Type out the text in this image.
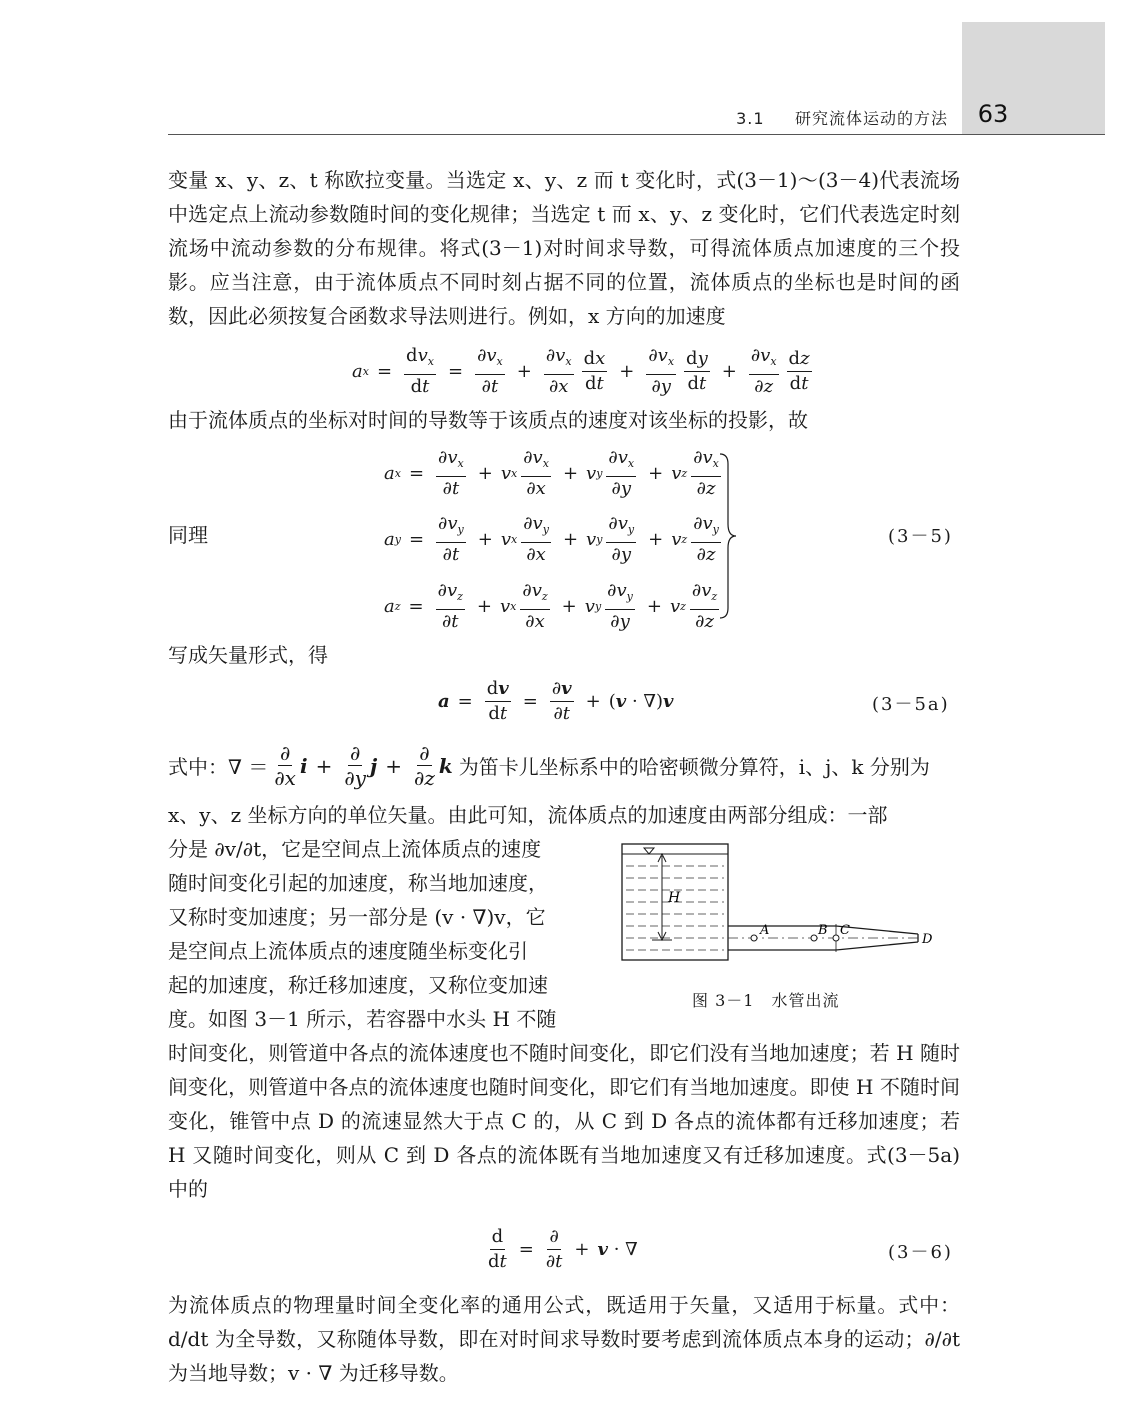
63
3.1 研究流体运动的方法

变量 x、y、z、t 称欧拉变量。当选定 x、y、z 而 t 变化时，式(3－1)～(3－4)代表流场中选定点上流动参数随时间的变化规律；当选定 t 而 x、y、z 变化时，它们代表选定时刻流场中流动参数的分布规律。将式(3－1)对时间求导数，可得流体质点加速度的三个投影。应当注意，由于流体质点不同时刻占据不同的位置，流体质点的坐标也是时间的函数，因此必须按复合函数求导法则进行。例如，x 方向的加速度

a $x = \frac{dv_x}{dt} = \frac{\partial v_x}{\partial t} + \frac{\partial v_x}{\partial x} \frac{dx}{dt} + \frac{\partial v_x}{\partial y} \frac{dy}{dt} + \frac{\partial v_x}{\partial z} \frac{dz}{dt}$

由于流体质点的坐标对时间的导数等于该质点的速度对该坐标的投影，故

a $x = \frac{\partial v_x}{\partial t} + v$ x $\frac{\partial v_x}{\partial x} + v$ y $\frac{\partial v_x}{\partial y} + v$ z $\frac{\partial v_x}{\partial z}$
a $y = \frac{\partial v_y}{\partial t} + v$ x $\frac{\partial v_y}{\partial x} + v$ y $\frac{\partial v_y}{\partial y} + v$ z $\frac{\partial v_y}{\partial z}$
a $z = \frac{\partial v_z}{\partial t} + v$ x $\frac{\partial v_z}{\partial x} + v$ y $\frac{\partial v_y}{\partial y} + v$ z $\frac{\partial v_z}{\partial z}$
同理	(3－5)

写成矢量形式，得

$a = \frac{dv}{dt} = \frac{\partial v}{\partial t} + (v \cdot \nabla)v$	(3－5a)
式中：∇ ＝ $\frac{\partial}{\partial x}$ $i + \frac{\partial}{\partial y}$ $j + \frac{\partial}{\partial z}$ k 为笛卡儿坐标系中的哈密顿微分算符，i、j、k 分别为

x、y、z 坐标方向的单位矢量。由此可知，流体质点的加速度由两部分组成：一部

分是 ∂v/∂t，它是空间点上流体质点的速度
随时间变化引起的加速度，称当地加速度，
又称时变加速度；另一部分是 (v · ∇)v，它
是空间点上流体质点的速度随坐标变化引
起的加速度，称迁移加速度，又称位变加速
度。如图 3－1 所示，若容器中水头 H 不随
H
A	B C
D
图 3－1　水管出流

时间变化，则管道中各点的流体速度也不随时间变化，即它们没有当地加速度；若 H 随时间变化，则管道中各点的流体速度也随时间变化，即它们有当地加速度。即使 H 不随时间变化，锥管中点 D 的流速显然大于点 C 的，从 C 到 D 各点的流体都有迁移加速度；若 H 又随时间变化，则从 C 到 D 各点的流体既有当地加速度又有迁移加速度。式(3－5a)中的

$\frac{d}{dt} = \frac{\partial}{\partial t} + v$ · ∇	(3－6)

为流体质点的物理量时间全变化率的通用公式，既适用于矢量，又适用于标量。式中：d/dt 为全导数，又称随体导数，即在对时间求导数时要考虑到流体质点本身的运动；∂/∂t 为当地导数；v · ∇ 为迁移导数。
